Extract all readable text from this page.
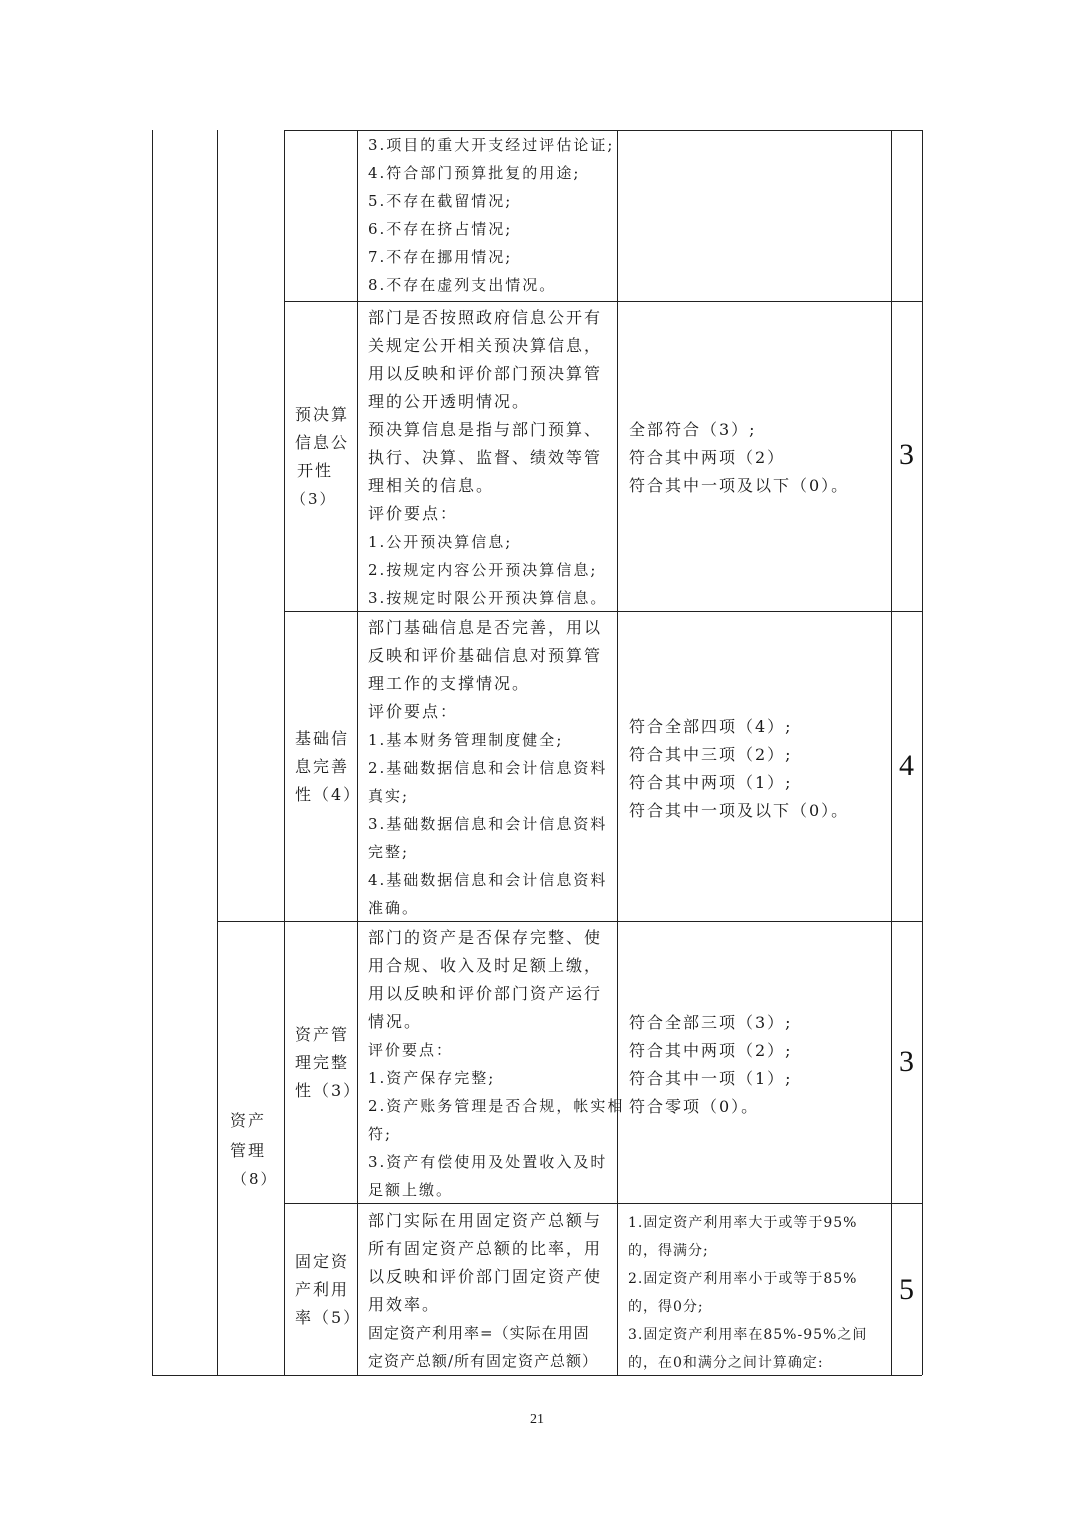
3.项目的重大开支经过评估论证;
4.符合部门预算批复的用途;
5.不存在截留情况;
6.不存在挤占情况;
7.不存在挪用情况;
8.不存在虚列支出情况。
预决算
信息公
开性
（3）
部门是否按照政府信息公开有
关规定公开相关预决算信息，
用以反映和评价部门预决算管
理的公开透明情况。
预决算信息是指与部门预算、
执行、决算、监督、绩效等管
理相关的信息。
评价要点：
1.公开预决算信息;
2.按规定内容公开预决算信息;
3.按规定时限公开预决算信息。
全部符合（3）;
符合其中两项（2）
符合其中一项及以下（0）。
3
基础信
息完善
性（4）
部门基础信息是否完善，用以
反映和评价基础信息对预算管
理工作的支撑情况。
评价要点：
1.基本财务管理制度健全;
2.基础数据信息和会计信息资料
真实;
3.基础数据信息和会计信息资料
完整;
4.基础数据信息和会计信息资料
准确。
符合全部四项（4）;
符合其中三项（2）;
符合其中两项（1）;
符合其中一项及以下（0）。
4
资产
管理
（8）
资产管
理完整
性（3）
部门的资产是否保存完整、使
用合规、收入及时足额上缴，
用以反映和评价部门资产运行
情况。
评价要点：
1.资产保存完整;
2.资产账务管理是否合规，帐实相
符;
3.资产有偿使用及处置收入及时
足额上缴。
符合全部三项（3）;
符合其中两项（2）;
符合其中一项（1）;
符合零项（0）。
3
固定资
产利用
率（5）
部门实际在用固定资产总额与
所有固定资产总额的比率，用
以反映和评价部门固定资产使
用效率。
固定资产利用率=（实际在用固
定资产总额/所有固定资产总额）
1.固定资产利用率大于或等于95%
的，得满分;
2.固定资产利用率小于或等于85%
的，得0分;
3.固定资产利用率在85%-95%之间
的，在0和满分之间计算确定:
5
21
